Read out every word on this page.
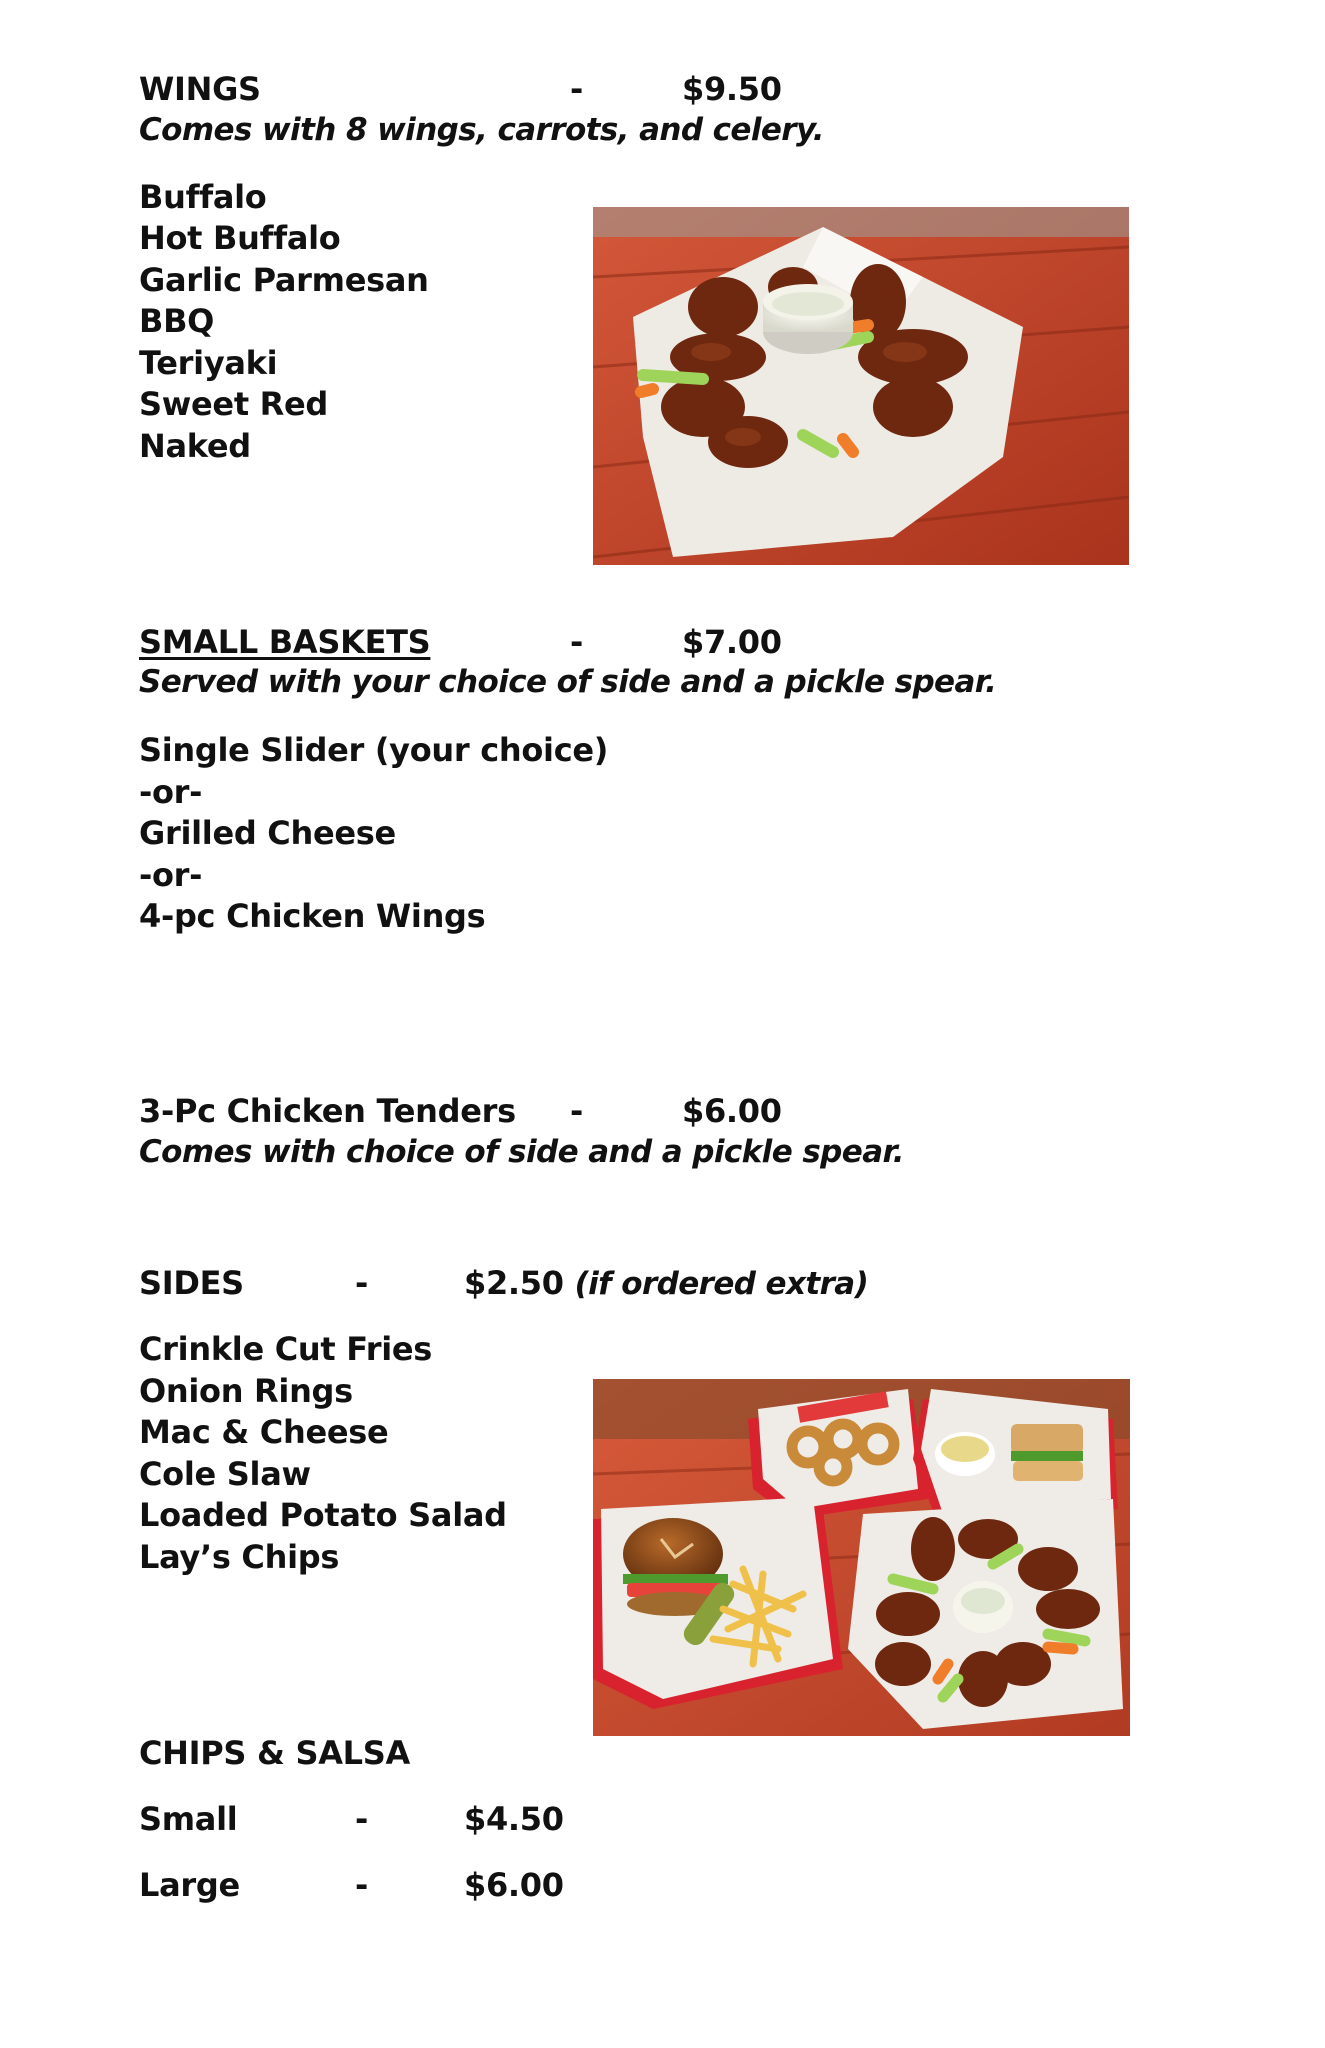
WINGS	-	$9.50
Comes with 8 wings, carrots, and celery.
Buffalo
Hot Buffalo
Garlic Parmesan
BBQ
Teriyaki
Sweet Red
Naked
SMALL BASKETS	-	$7.00
Served with your choice of side and a pickle spear.
Single Slider (your choice)
-or-
Grilled Cheese
-or-
4-pc Chicken Wings
3-Pc Chicken Tenders -	$6.00
Comes with choice of side and a pickle spear.
SIDES	-	$2.50 (if ordered extra)
Crinkle Cut Fries
Onion Rings
Mac & Cheese
Cole Slaw
Loaded Potato Salad
Lay’s Chips
CHIPS & SALSA
Small	-	$4.50
Large	-	$6.00
